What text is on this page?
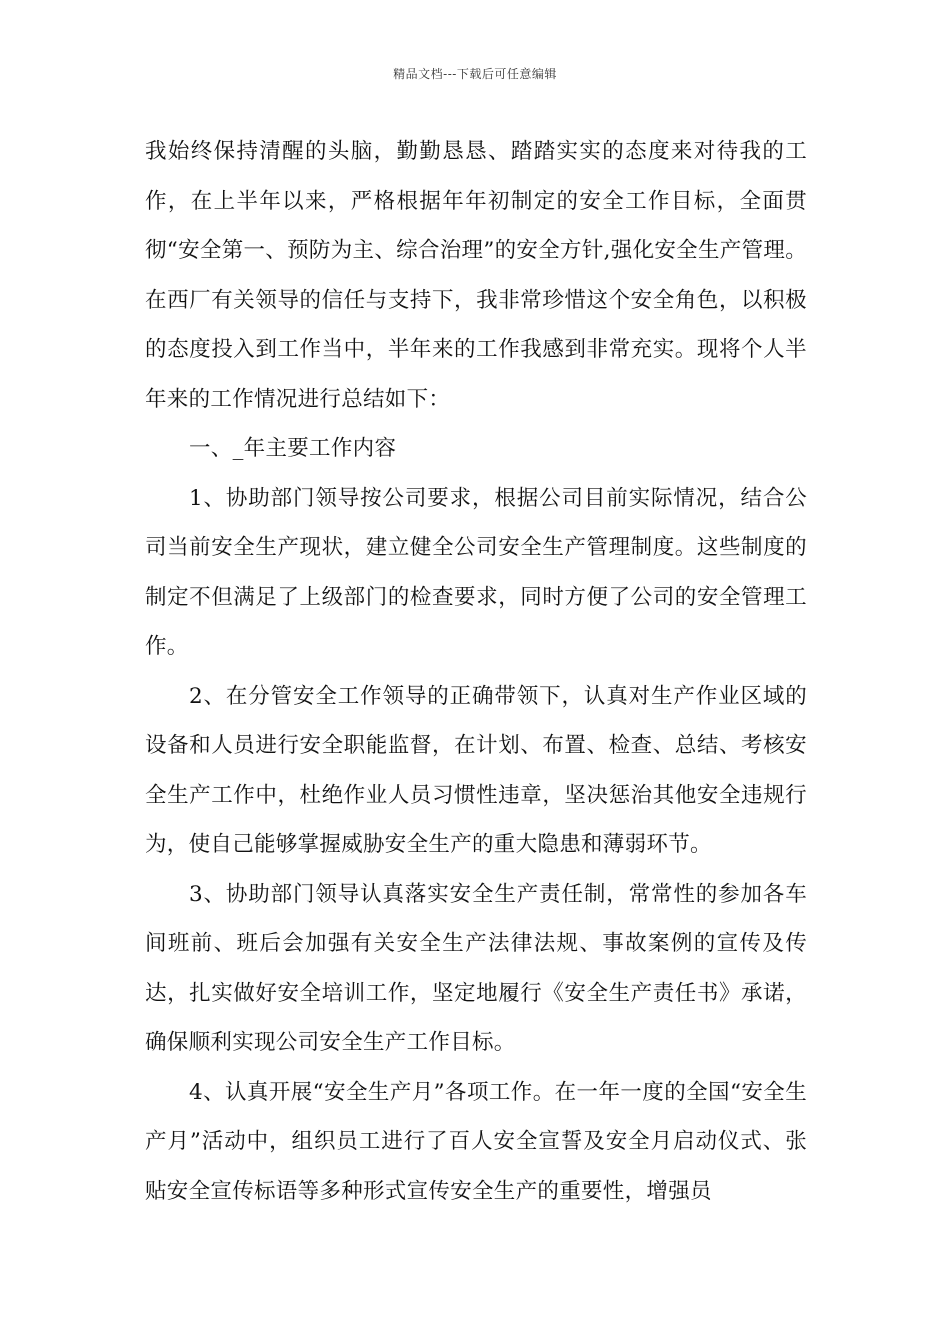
精品文档---下载后可任意编辑

我始终保持清醒的头脑，勤勤恳恳、踏踏实实的态度来对待我的工作，在上半年以来，严格根据年年初制定的安全工作目标，全面贯彻“安全第一、预防为主、综合治理”的安全方针,强化安全生产管理。在西厂有关领导的信任与支持下，我非常珍惜这个安全角色，以积极的态度投入到工作当中，半年来的工作我感到非常充实。现将个人半年来的工作情况进行总结如下：

一、_年主要工作内容

1、协助部门领导按公司要求，根据公司目前实际情况，结合公司当前安全生产现状，建立健全公司安全生产管理制度。这些制度的制定不但满足了上级部门的检查要求，同时方便了公司的安全管理工作。

2、在分管安全工作领导的正确带领下，认真对生产作业区域的设备和人员进行安全职能监督，在计划、布置、检查、总结、考核安全生产工作中，杜绝作业人员习惯性违章，坚决惩治其他安全违规行为，使自己能够掌握威胁安全生产的重大隐患和薄弱环节。

3、协助部门领导认真落实安全生产责任制，常常性的参加各车间班前、班后会加强有关安全生产法律法规、事故案例的宣传及传达，扎实做好安全培训工作，坚定地履行《安全生产责任书》承诺，确保顺利实现公司安全生产工作目标。

4、认真开展“安全生产月”各项工作。在一年一度的全国“安全生产月”活动中，组织员工进行了百人安全宣誓及安全月启动仪式、张贴安全宣传标语等多种形式宣传安全生产的重要性，增强员
